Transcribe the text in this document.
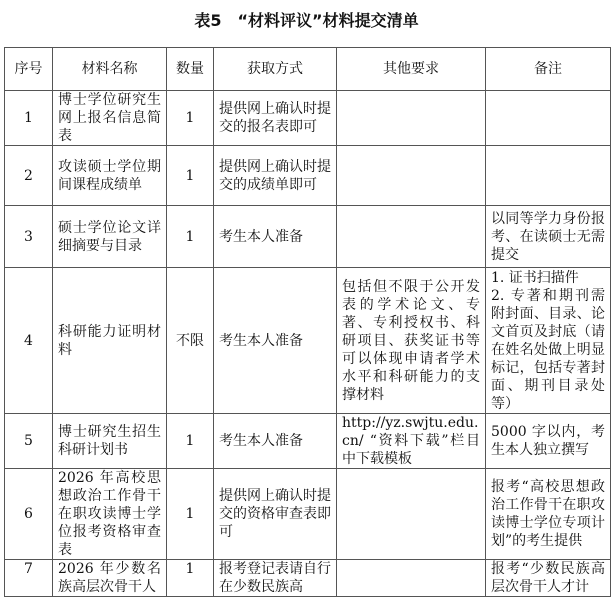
表5　“材料评议”材料提交清单
序号	材料名称	数量	获取方式	其他要求	备注
1	博士学位研究生网上报名信息简表	1	提供网上确认时提交的报名表即可		
2	攻读硕士学位期间课程成绩单	1	提供网上确认时提交的成绩单即可		
3	硕士学位论文详细摘要与目录	1	考生本人准备		以同等学力身份报考、在读硕士无需提交
4	科研能力证明材料	不限	考生本人准备	包括但不限于公开发表的学术论文、专著、专利授权书、科研项目、获奖证书等可以体现申请者学术水平和科研能力的支撑材料	1. 证书扫描件
2. 专著和期刊需附封面、目录、论文首页及封底（请在姓名处做上明显标记，包括专著封面、期刊目录处等）
5	博士研究生招生科研计划书	1	考生本人准备	http://yz.swjtu.edu.cn/ “资料下载”栏目中下载模板	5000 字以内，考生本人独立撰写
6	2026 年高校思想政治工作骨干在职攻读博士学位报考资格审查表	1	提供网上确认时提交的资格审查表即可		报考“高校思想政治工作骨干在职攻读博士学位专项计划”的考生提供
7	2026 年少数名族高层次骨干人	1	报考登记表请自行在少数民族高		报考“少数民族高层次骨干人才计
